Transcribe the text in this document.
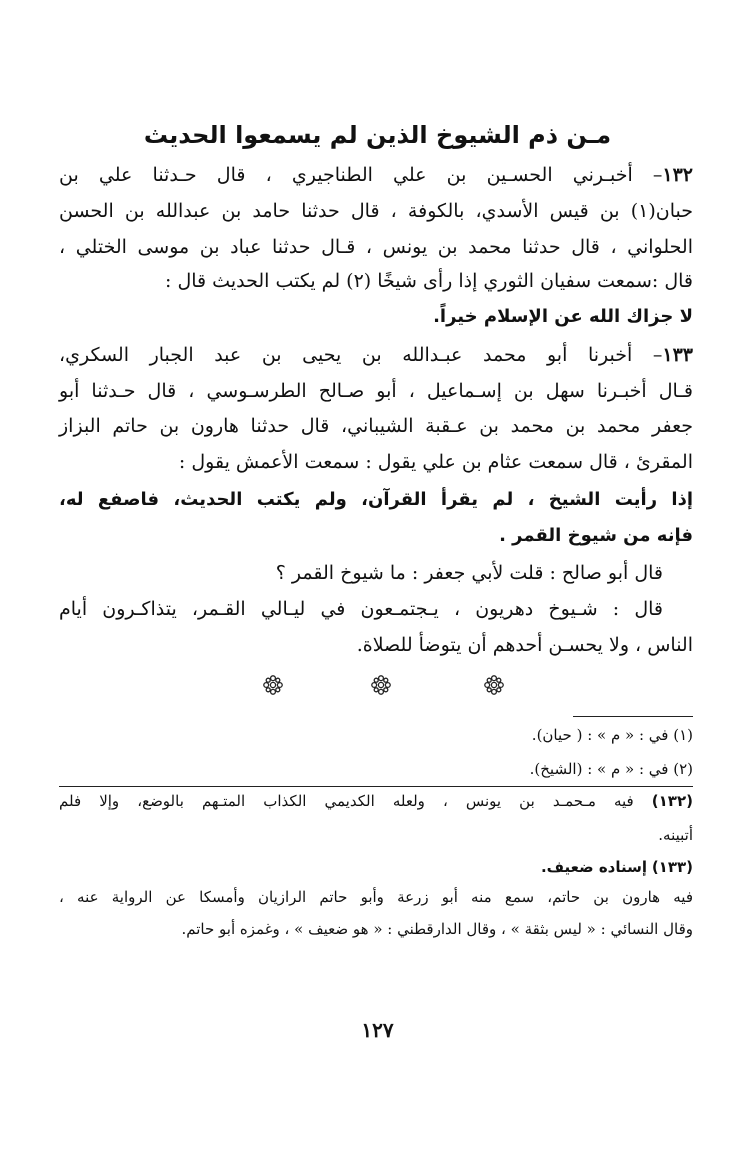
مـن ذم الشيوخ الذين لم يسمعوا الحديث
١٣٢– أخبـرني الحسـين بن علي الطناجيري ، قال حـدثنا علي بن
حبان(١) بن قيس الأسدي، بالكوفة ، قال حدثنا حامد بن عبدالله بن الحسن
الحلواني ، قال حدثنا محمد بن يونس ، قـال حدثنا عباد بن موسى الختلي ،
قال :سمعت سفيان الثوري إذا رأى شيخًا (٢) لم يكتب الحديث قال :
لا جزاك الله عن الإسلام خيراً.
١٣٣– أخبرنا أبو محمد عبـدالله بن يحيى بن عبد الجبار السكري،
قـال أخبـرنا سهل بن إسـماعيل ، أبو صـالح الطرسـوسي ، قال حـدثنا أبو
جعفر محمد بن محمد بن عـقبة الشيباني، قال حدثنا هارون بن حاتم البزاز
المقرئ ، قال سمعت عثام بن علي يقول : سمعت الأعمش يقول :
إذا رأيت الشيخ ، لم يقرأ القرآن، ولم يكتب الحديث، فاصفع له،
فإنه من شيوخ القمر .
قال أبو صالح : قلت لأبي جعفر : ما شيوخ القمر ؟
قال : شـيوخ دهريون ، يـجتمـعون في ليـالي القـمر، يتذاكـرون أيام
الناس ، ولا يحسـن أحدهم أن يتوضأ للصلاة.
(١) في : « م » : ( حيان).
(٢) في : « م » : (الشيخ).
(١٣٢) فيه مـحمـد بن يونس ، ولعله الكديمي الكذاب المتـهم بالوضع، وإلا فلم
أتبينه.
(١٣٣) إسناده ضعيف.
فيه هارون بن حاتم، سمع منه أبو زرعة وأبو حاتم الرازيان وأمسكا عن الرواية عنه ،
وقال النسائي : « ليس بثقة » ، وقال الدارقطني : « هو ضعيف » ، وغمزه أبو حاتم.
١٢٧
